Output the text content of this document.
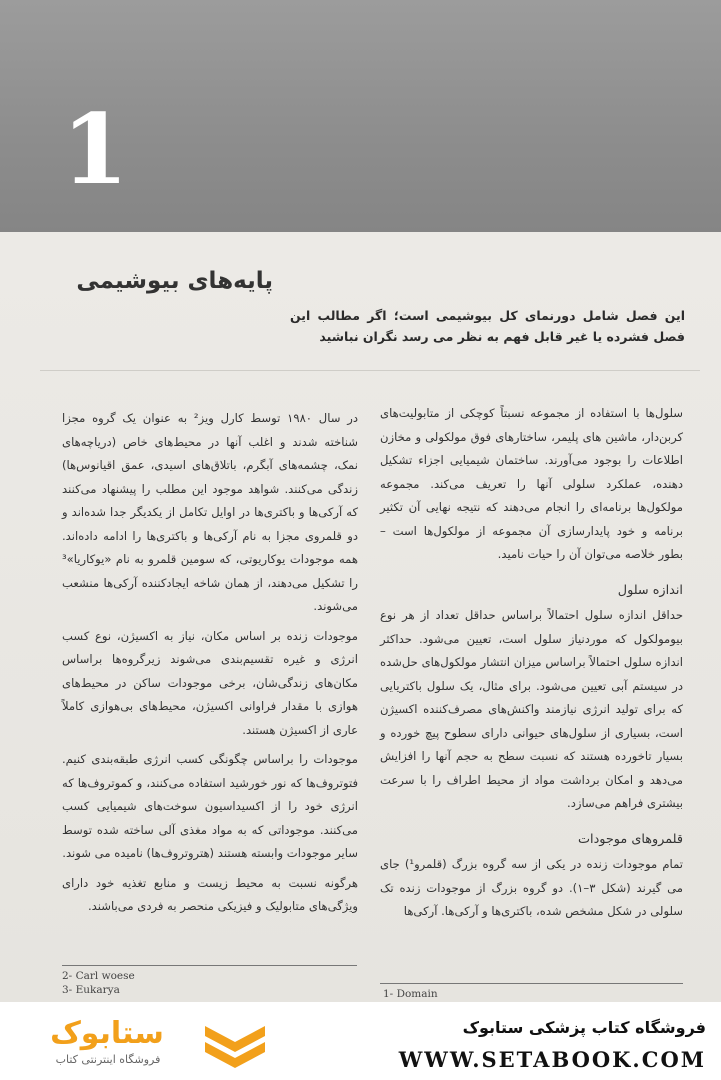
1
پایه‌های بیوشیمی
این فصل شامل دورنمای کل بیوشیمی است؛ اگر مطالب این فصل فشرده یا غیر قابل فهم به نظر می رسد نگران نباشید

سلول‌ها با استفاده از مجموعه نسبتاً کوچکی از متابولیت‌های کربن‌دار، ماشین های پلیمر، ساختارهای فوق مولکولی و مخازن اطلاعات را بوجود می‌آورند. ساختمان شیمیایی اجزاء تشکیل دهنده، عملکرد سلولی آنها را تعریف می‌کند. مجموعه مولکول‌ها برنامه‌ای را انجام می‌دهند که نتیجه نهایی آن تکثیر برنامه و خود پایدارسازی آن مجموعه از مولکول‌ها است – بطور خلاصه می‌توان آن را حیات نامید.

اندازه سلول

حداقل اندازه سلول احتمالاً براساس حداقل تعداد از هر نوع بیومولکول که موردنیاز سلول است، تعیین می‌شود. حداکثر اندازه سلول احتمالاً براساس میزان انتشار مولکول‌های حل‌شده در سیستم آبی تعیین می‌شود. برای مثال، یک سلول باکتریایی که برای تولید انرژی نیازمند واکنش‌های مصرف‌کننده اکسیژن است، بسیاری از سلول‌های حیوانی دارای سطوح پیچ خورده و بسیار تاخورده هستند که نسبت سطح به حجم آنها را افزایش می‌دهد و امکان برداشت مواد از محیط اطراف را با سرعت بیشتری فراهم می‌سازد.

قلمروهای موجودات

تمام موجودات زنده در یکی از سه گروه بزرگ (قلمرو¹) جای می گیرند (شکل ۳–۱). دو گروه بزرگ از موجودات زنده تک سلولی در شکل مشخص شده، باکتری‌ها و آرکی‌ها. آرکی‌ها

در سال ۱۹۸۰ توسط کارل ویز² به عنوان یک گروه مجزا شناخته شدند و اغلب آنها در محیط‌های خاص (دریاچه‌های نمک، چشمه‌های آبگرم، باتلاق‌های اسیدی، عمق اقیانوس‌ها) زندگی می‌کنند. شواهد موجود این مطلب را پیشنهاد می‌کنند که آرکی‌ها و باکتری‌ها در اوایل تکامل از یکدیگر جدا شده‌اند و دو قلمروی مجزا به نام آرکی‌ها و باکتری‌ها را ادامه داده‌اند. همه موجودات یوکاریوتی، که سومین قلمرو به نام «یوکاریا»³ را تشکیل می‌دهند، از همان شاخه ایجادکننده آرکی‌ها منشعب می‌شوند.

موجودات زنده بر اساس مکان، نیاز به اکسیژن، نوع کسب انرژی و غیره تقسیم‌بندی می‌شوند زیرگروه‌ها براساس مکان‌های زندگی‌شان، برخی موجودات ساکن در محیط‌های هوازی با مقدار فراوانی اکسیژن، محیط‌های بی‌هوازی کاملاً عاری از اکسیژن هستند.

موجودات را براساس چگونگی کسب انرژی طبقه‌بندی کنیم. فتوتروف‌ها که نور خورشید استفاده می‌کنند، و کموتروف‌ها که انرژی خود را از اکسیداسیون سوخت‌های شیمیایی کسب می‌کنند. موجوداتی که به مواد مغذی آلی ساخته شده توسط سایر موجودات وابسته هستند (هتروتروف‌ها) نامیده می شوند.

هرگونه نسبت به محیط زیست و منابع تغذیه خود دارای ویژگی‌های متابولیک و فیزیکی منحصر به فردی می‌باشند.

2- Carl woese
3- Eukarya	1- Domain
فروشگاه کتاب پزشکی ستابوک
WWW.SETABOOK.COM
ستابوک
فروشگاه اینترنتی کتاب
